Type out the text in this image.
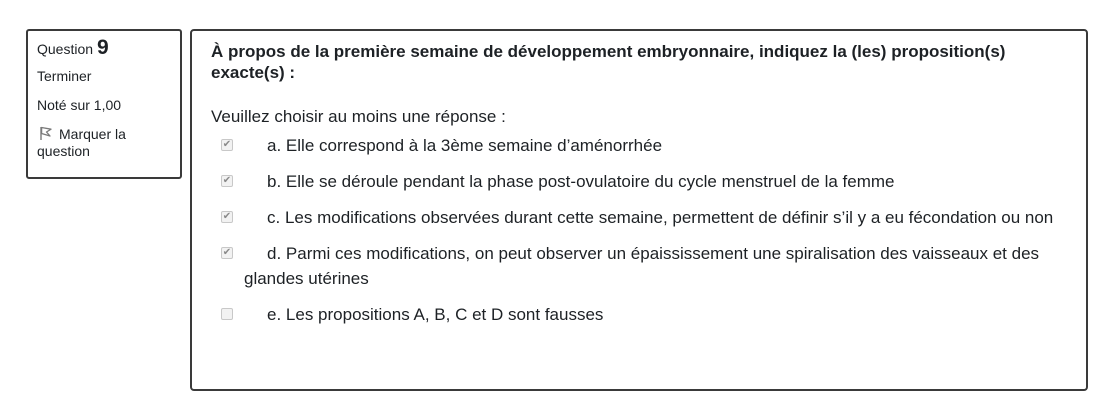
Question 9
Terminer
Noté sur 1,00
Marquer la question

À propos de la première semaine de développement embryonnaire, indiquez la (les) proposition(s) exacte(s) :

Veuillez choisir au moins une réponse :
✔ a. Elle correspond à la 3ème semaine d’aménorrhée
✔ b. Elle se déroule pendant la phase post-ovulatoire du cycle menstruel de la femme
✔ c. Les modifications observées durant cette semaine, permettent de définir s’il y a eu fécondation ou non
✔ d. Parmi ces modifications, on peut observer un épaississement une spiralisation des vaisseaux et des glandes utérines
e. Les propositions A, B, C et D sont fausses
